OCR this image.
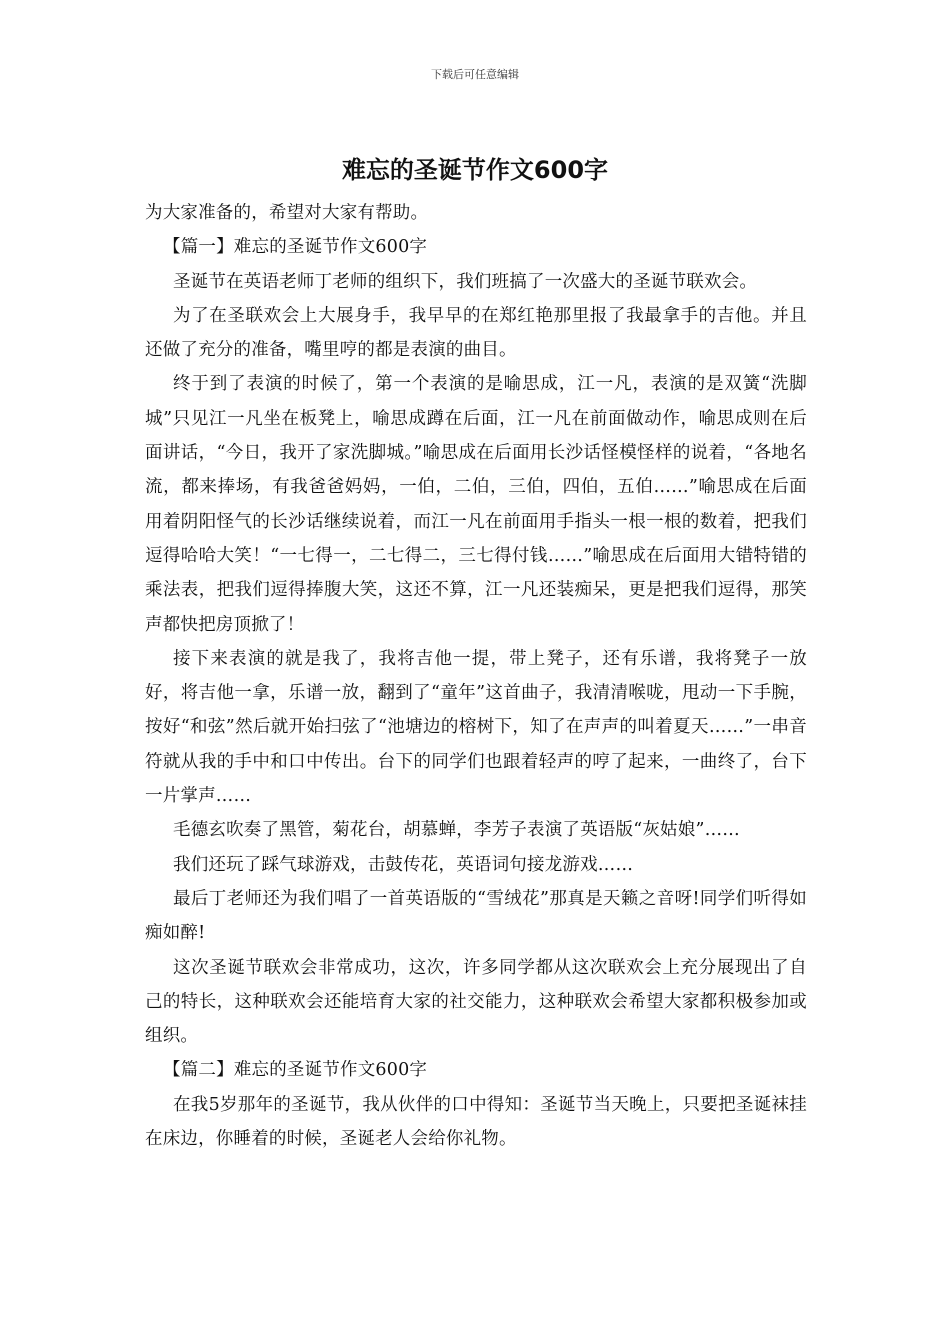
下载后可任意编辑
难忘的圣诞节作文600字

为大家准备的，希望对大家有帮助。

【篇一】难忘的圣诞节作文600字

圣诞节在英语老师丁老师的组织下，我们班搞了一次盛大的圣诞节联欢会。

为了在圣联欢会上大展身手，我早早的在郑红艳那里报了我最拿手的吉他。并且还做了充分的准备，嘴里哼的都是表演的曲目。

终于到了表演的时候了，第一个表演的是喻思成，江一凡，表演的是双簧“洗脚城”只见江一凡坐在板凳上，喻思成蹲在后面，江一凡在前面做动作，喻思成则在后面讲话，“今日，我开了家洗脚城。”喻思成在后面用长沙话怪模怪样的说着，“各地名流，都来捧场，有我爸爸妈妈，一伯，二伯，三伯，四伯，五伯……”喻思成在后面用着阴阳怪气的长沙话继续说着，而江一凡在前面用手指头一根一根的数着，把我们逗得哈哈大笑！“一七得一，二七得二，三七得付钱……”喻思成在后面用大错特错的乘法表，把我们逗得捧腹大笑，这还不算，江一凡还装痴呆，更是把我们逗得，那笑声都快把房顶掀了！

接下来表演的就是我了，我将吉他一提，带上凳子，还有乐谱，我将凳子一放好，将吉他一拿，乐谱一放，翻到了“童年”这首曲子，我清清喉咙，甩动一下手腕，按好“和弦”然后就开始扫弦了“池塘边的榕树下，知了在声声的叫着夏天……”一串音符就从我的手中和口中传出。台下的同学们也跟着轻声的哼了起来，一曲终了，台下一片掌声……

毛德玄吹奏了黑管，菊花台，胡慕蝉，李芳子表演了英语版“灰姑娘”……

我们还玩了踩气球游戏，击鼓传花，英语词句接龙游戏……

最后丁老师还为我们唱了一首英语版的“雪绒花”那真是天籁之音呀!同学们听得如痴如醉!

这次圣诞节联欢会非常成功，这次，许多同学都从这次联欢会上充分展现出了自己的特长，这种联欢会还能培育大家的社交能力，这种联欢会希望大家都积极参加或组织。

【篇二】难忘的圣诞节作文600字

在我5岁那年的圣诞节，我从伙伴的口中得知：圣诞节当天晚上，只要把圣诞袜挂在床边，你睡着的时候，圣诞老人会给你礼物。
